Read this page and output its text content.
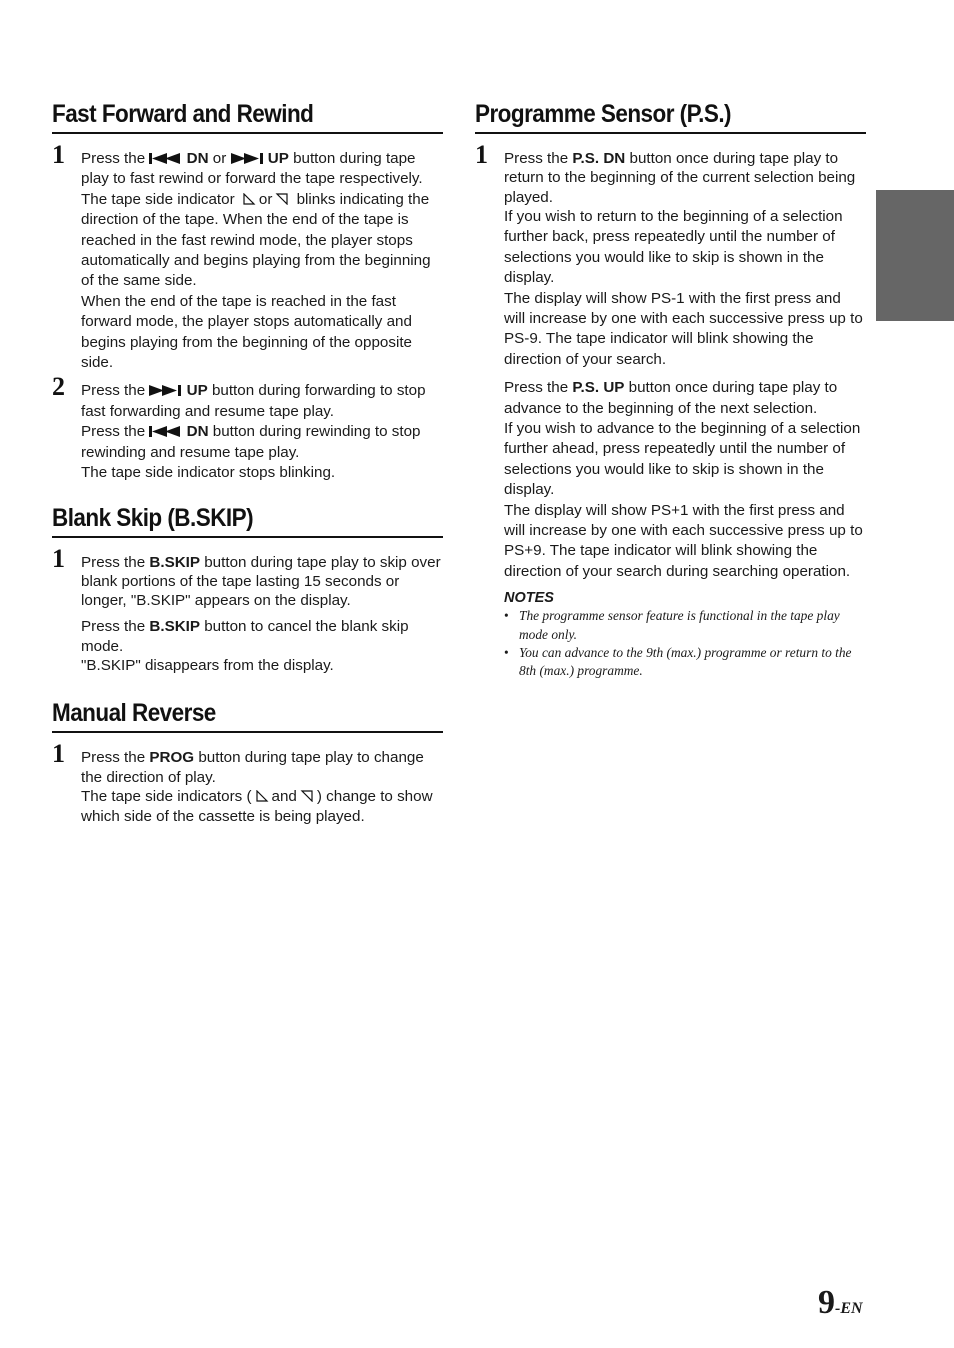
Fast Forward and Rewind
1 Press the  DN or  UP button during tape play to fast rewind or forward the tape respectively.

The tape side indicator or blinks indicating the direction of the tape. When the end of the tape is reached in the fast rewind mode, the player stops automatically and begins playing from the beginning of the same side.

When the end of the tape is reached in the fast forward mode, the player stops automatically and begins playing from the beginning of the opposite side.

2 Press the  UP button during forwarding to stop fast forwarding and resume tape play.

Press the  DN button during rewinding to stop rewinding and resume tape play.

The tape side indicator stops blinking.

Blank Skip (B.SKIP)
1 Press the B.SKIP button during tape play to skip over blank portions of the tape lasting 15 seconds or longer, "B.SKIP" appears on the display.

Press the B.SKIP button to cancel the blank skip mode.

"B.SKIP" disappears from the display.

Manual Reverse
1 Press the PROG button during tape play to change the direction of play.

The tape side indicators ( and ) change to show which side of the cassette is being played.

Programme Sensor (P.S.)
1 Press the P.S. DN button once during tape play to return to the beginning of the current selection being played.

If you wish to return to the beginning of a selection further back, press repeatedly until the number of selections you would like to skip is shown in the display.

The display will show PS-1 with the first press and will increase by one with each successive press up to PS-9. The tape indicator will blink showing the direction of your search.

Press the P.S. UP button once during tape play to advance to the beginning of the next selection.

If you wish to advance to the beginning of a selection further ahead, press repeatedly until the number of selections you would like to skip is shown in the display.

The display will show PS+1 with the first press and will increase by one with each successive press up to PS+9. The tape indicator will blink showing the direction of your search during searching operation.

NOTES
• The programme sensor feature is functional in the tape play mode only.
• You can advance to the 9th (max.) programme or return to the 8th (max.) programme.
9-EN
